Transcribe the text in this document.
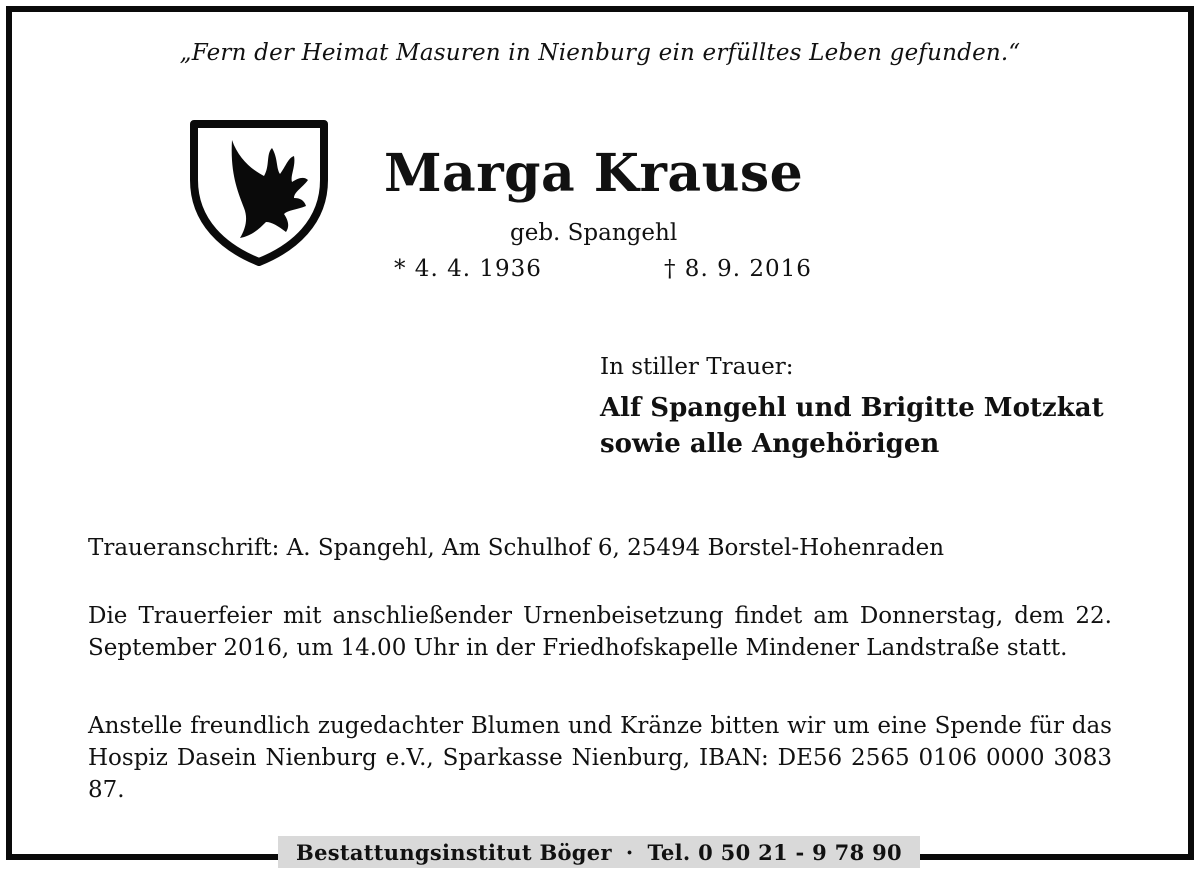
„Fern der Heimat Masuren in Nienburg ein erfülltes Leben gefunden.“
Marga Krause
geb. Spangehl
* 4. 4. 1936	† 8. 9. 2016
In stiller Trauer:
Alf Spangehl und Brigitte Motzkat
sowie alle Angehörigen
Traueranschrift: A. Spangehl, Am Schulhof 6, 25494 Borstel-Hohenraden
Die Trauerfeier mit anschließender Urnenbeisetzung findet am Donnerstag, dem 22. September 2016, um 14.00 Uhr in der Friedhofskapelle Mindener Landstraße statt.
Anstelle freundlich zugedachter Blumen und Kränze bitten wir um eine Spende für das Hospiz Dasein Nienburg e.V., Sparkasse Nienburg, IBAN: DE56 2565 0106 0000 3083 87.
Bestattungsinstitut Böger · Tel. 0 50 21 - 9 78 90
